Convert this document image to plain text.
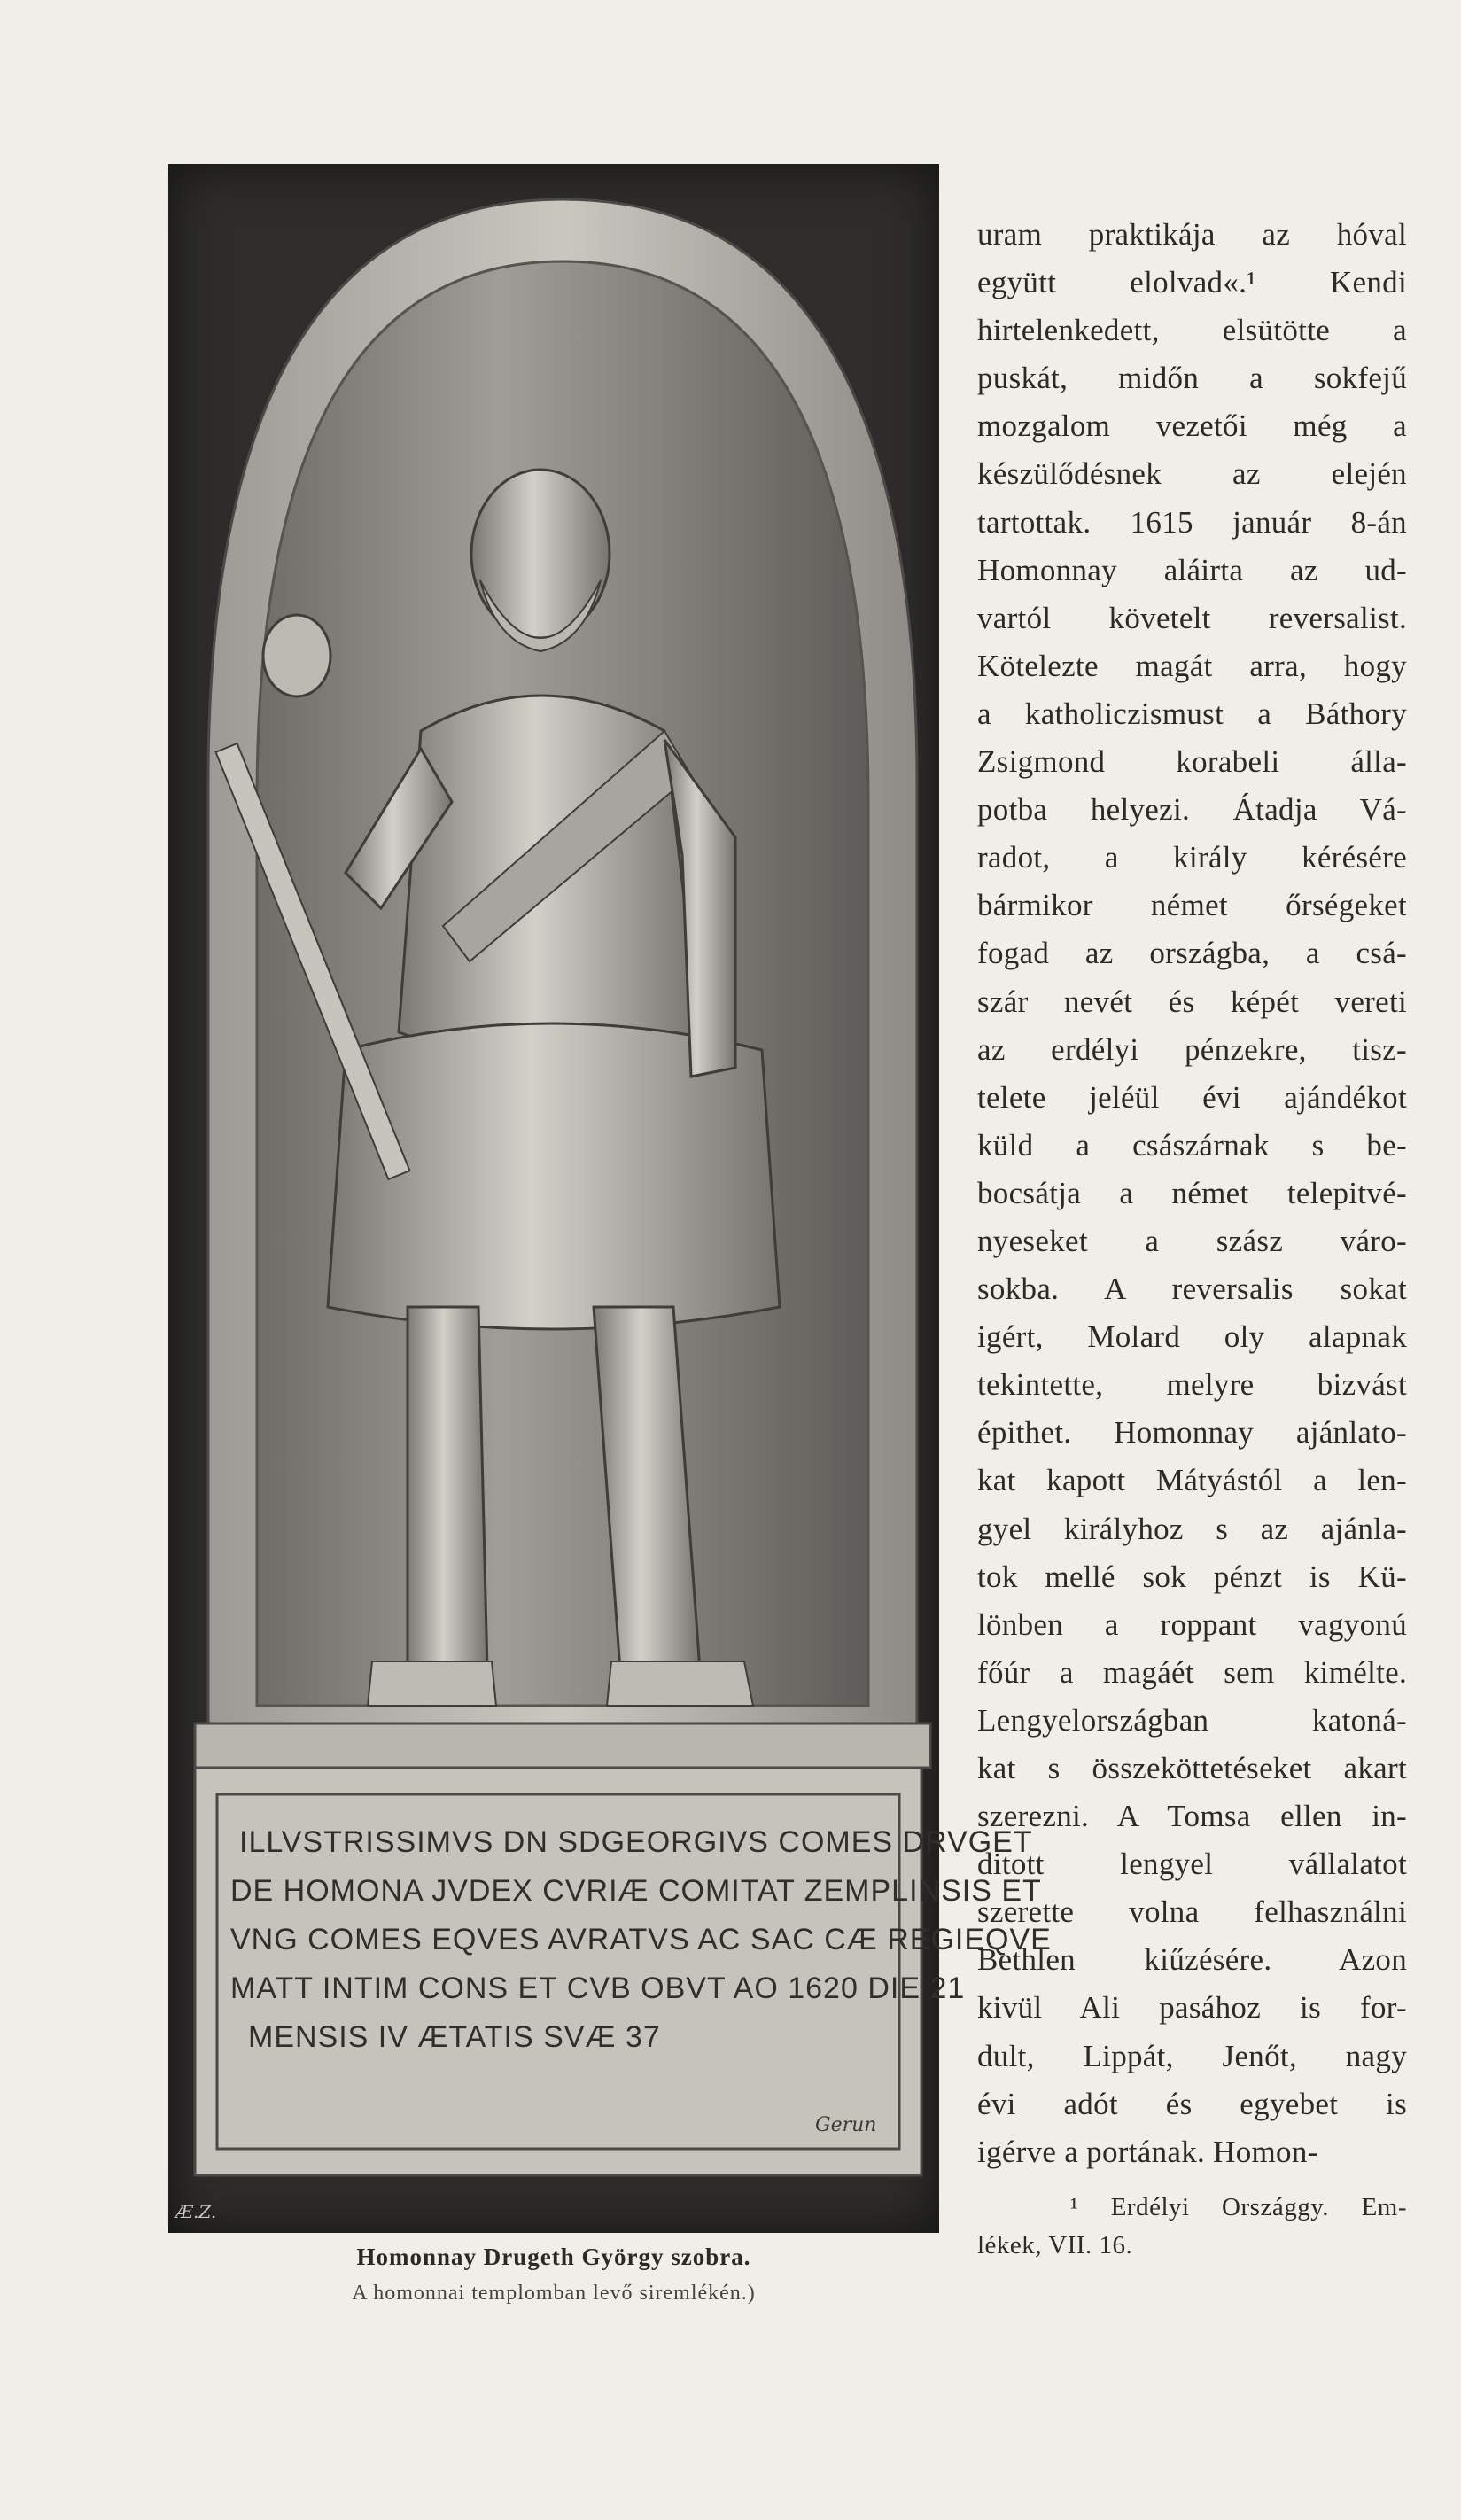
ILLVSTRISSIMVS DN SDGEORGIVS COMES DRVGET
DE HOMONA JVDEX CVRIÆ COMITAT ZEMPLINSIS ET
VNG COMES EQVES AVRATVS AC SAC CÆ REGIEQVE
MATT INTIM CONS ET CVB OBVT AO 1620 DIE 21
MENSIS IV ÆTATIS SVÆ 37
Gerun
Æ.Z.
Homonnay Drugeth György szobra.
A homonnai templomban levő siremlékén.)
uram praktikája az hóval
együtt elolvad«.¹ Kendi
hirtelenkedett, elsütötte a
puskát, midőn a sokfejű
mozgalom vezetői még a
készülődésnek az elején
tartottak. 1615 január 8-án
Homonnay aláirta az ud-
vartól követelt reversalist.
Kötelezte magát arra, hogy
a katholiczismust a Báthory
Zsigmond korabeli álla-
potba helyezi. Átadja Vá-
radot, a király kérésére
bármikor német őrségeket
fogad az országba, a csá-
szár nevét és képét vereti
az erdélyi pénzekre, tisz-
telete jeléül évi ajándékot
küld a császárnak s be-
bocsátja a német telepitvé-
nyeseket a szász váro-
sokba. A reversalis sokat
igért, Molard oly alapnak
tekintette, melyre bizvást
épithet. Homonnay ajánlato-
kat kapott Mátyástól a len-
gyel királyhoz s az ajánla-
tok mellé sok pénzt is Kü-
lönben a roppant vagyonú
főúr a magáét sem kimélte.
Lengyelországban katoná-
kat s összeköttetéseket akart
szerezni. A Tomsa ellen in-
ditott lengyel vállalatot
szerette volna felhasználni
Bethlen kiűzésére. Azon
kivül Ali pasához is for-
dult, Lippát, Jenőt, nagy
évi adót és egyebet is
igérve a portának. Homon-
¹ Erdélyi Országgy. Em-
lékek, VII. 16.
